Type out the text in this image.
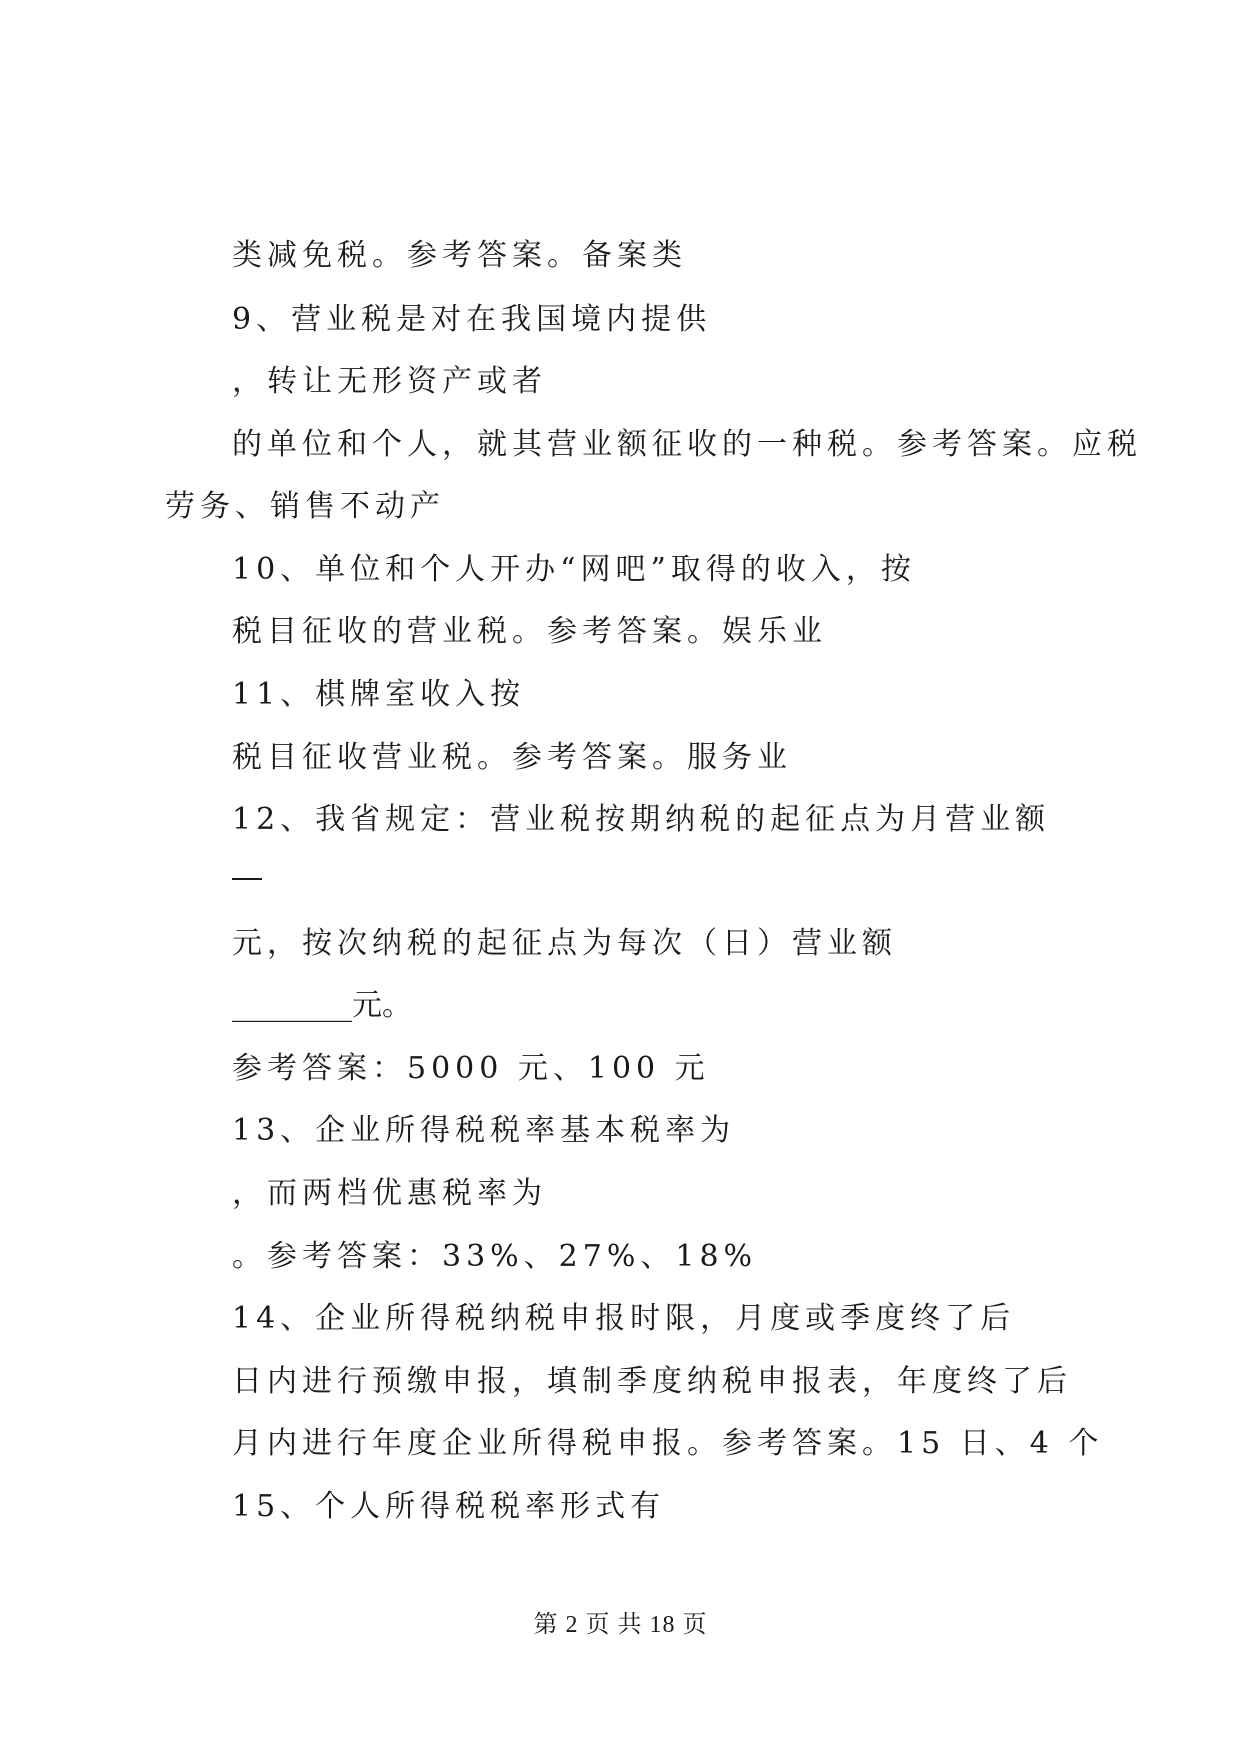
类减免税。参考答案。备案类
9、营业税是对在我国境内提供
，转让无形资产或者
的单位和个人，就其营业额征收的一种税。参考答案。应税
劳务、销售不动产
10、单位和个人开办“网吧”取得的收入，按
税目征收的营业税。参考答案。娱乐业
11、棋牌室收入按
税目征收营业税。参考答案。服务业
12、我省规定：营业税按期纳税的起征点为月营业额
元，按次纳税的起征点为每次（日）营业额
________元。
参考答案：5000 元、100 元
13、企业所得税税率基本税率为
，而两档优惠税率为
。参考答案：33%、27%、18%
14、企业所得税纳税申报时限，月度或季度终了后
日内进行预缴申报，填制季度纳税申报表，年度终了后
月内进行年度企业所得税申报。参考答案。15 日、4 个
15、个人所得税税率形式有
第 2 页 共 18 页
